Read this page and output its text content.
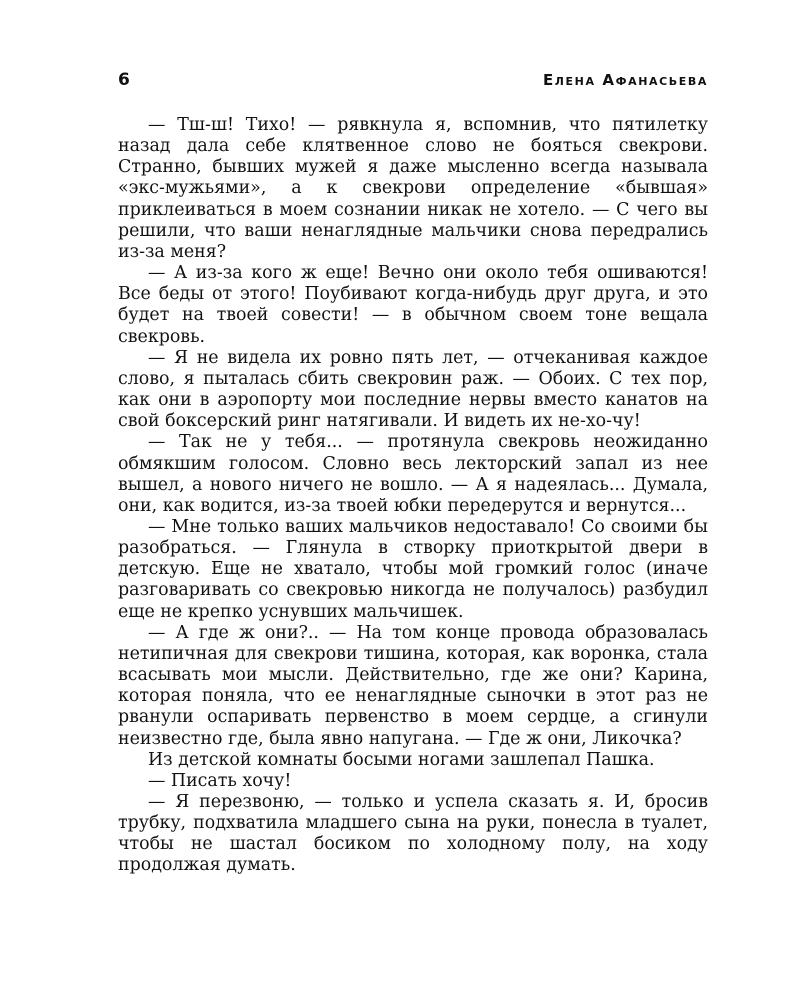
6	Елена Афанасьева

— Тш-ш! Тихо! — рявкнула я, вспомнив, что пятилетку назад дала себе клятвенное слово не бояться свекрови. Странно, бывших мужей я даже мысленно всегда называла «экс-мужьями», а к свекрови определение «бывшая» приклеиваться в моем сознании никак не хотело. — С чего вы решили, что ваши ненаглядные мальчики снова передрались из-за меня?

— А из-за кого ж еще! Вечно они около тебя ошиваются! Все беды от этого! Поубивают когда-нибудь друг друга, и это будет на твоей совести! — в обычном своем тоне вещала свекровь.

— Я не видела их ровно пять лет, — отчеканивая каждое слово, я пыталась сбить свекровин раж. — Обоих. С тех пор, как они в аэропорту мои последние нервы вместо канатов на свой боксерский ринг натягивали. И видеть их не-хо-чу!

— Так не у тебя... — протянула свекровь неожиданно обмякшим голосом. Словно весь лекторский запал из нее вышел, а нового ничего не вошло. — А я надеялась... Думала, они, как водится, из-за твоей юбки передерутся и вернутся...

— Мне только ваших мальчиков недоставало! Со своими бы разобраться. — Глянула в створку приоткрытой двери в детскую. Еще не хватало, чтобы мой громкий голос (иначе разговаривать со свекровью никогда не получалось) разбудил еще не крепко уснувших мальчишек.

— А где ж они?.. — На том конце провода образовалась нетипичная для свекрови тишина, которая, как воронка, стала всасывать мои мысли. Действительно, где же они? Карина, которая поняла, что ее ненаглядные сыночки в этот раз не рванули оспаривать первенство в моем сердце, а сгинули неизвестно где, была явно напугана. — Где ж они, Ликочка?

Из детской комнаты босыми ногами зашлепал Пашка.

— Писать хочу!

— Я перезвоню, — только и успела сказать я. И, бросив трубку, подхватила младшего сына на руки, понесла в туалет, чтобы не шастал босиком по холодному полу, на ходу продолжая думать.
